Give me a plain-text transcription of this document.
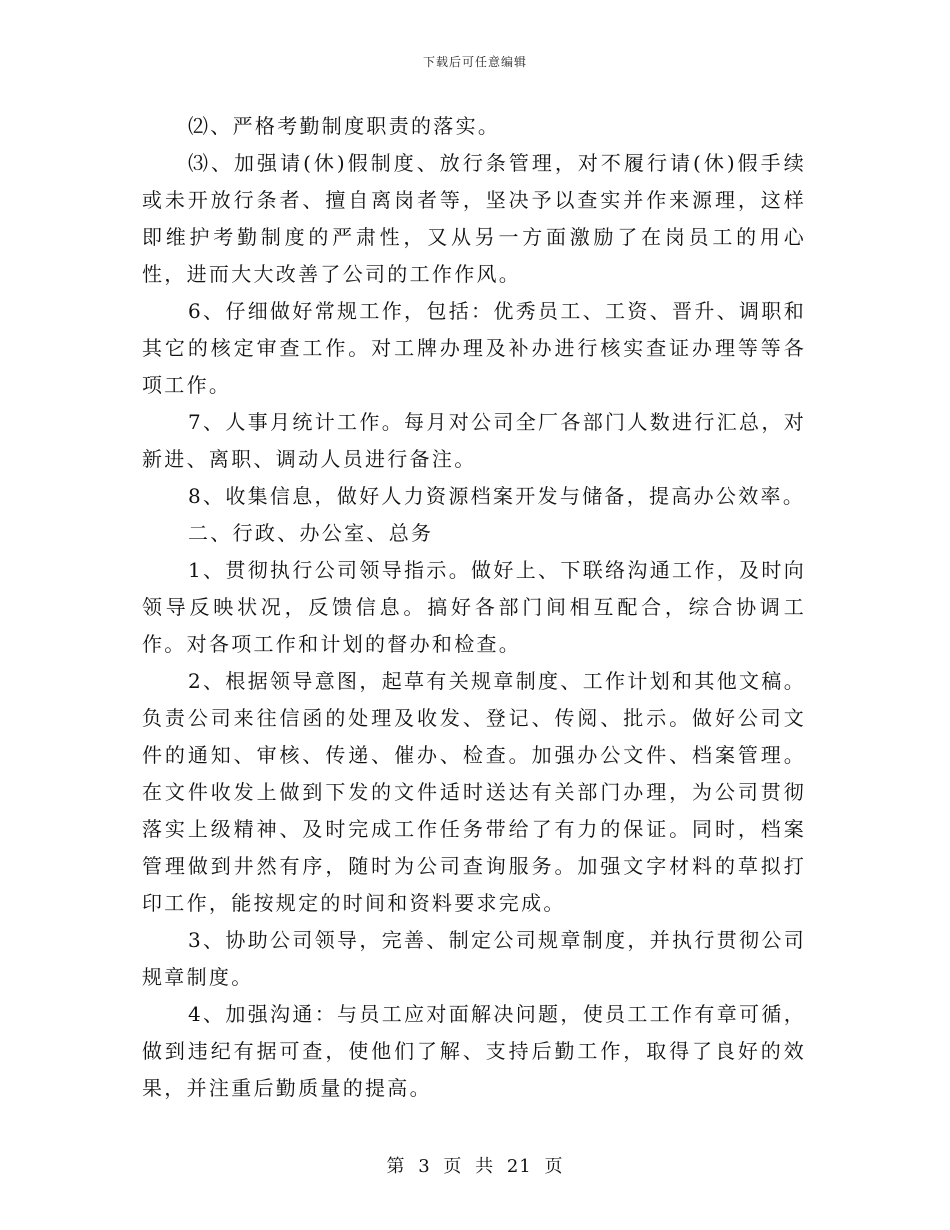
下载后可任意编辑

⑵、严格考勤制度职责的落实。

⑶、加强请(休)假制度、放行条管理，对不履行请(休)假手续或未开放行条者、擅自离岗者等，坚决予以查实并作来源理，这样即维护考勤制度的严肃性，又从另一方面激励了在岗员工的用心性，进而大大改善了公司的工作作风。

6、仔细做好常规工作，包括：优秀员工、工资、晋升、调职和其它的核定审查工作。对工牌办理及补办进行核实查证办理等等各项工作。

7、人事月统计工作。每月对公司全厂各部门人数进行汇总，对新进、离职、调动人员进行备注。

8、收集信息，做好人力资源档案开发与储备，提高办公效率。

二、行政、办公室、总务

1、贯彻执行公司领导指示。做好上、下联络沟通工作，及时向领导反映状况，反馈信息。搞好各部门间相互配合，综合协调工作。对各项工作和计划的督办和检查。

2、根据领导意图，起草有关规章制度、工作计划和其他文稿。负责公司来往信函的处理及收发、登记、传阅、批示。做好公司文件的通知、审核、传递、催办、检查。加强办公文件、档案管理。在文件收发上做到下发的文件适时送达有关部门办理，为公司贯彻落实上级精神、及时完成工作任务带给了有力的保证。同时，档案管理做到井然有序，随时为公司查询服务。加强文字材料的草拟打印工作，能按规定的时间和资料要求完成。

3、协助公司领导，完善、制定公司规章制度，并执行贯彻公司规章制度。

4、加强沟通：与员工应对面解决问题，使员工工作有章可循，做到违纪有据可查，使他们了解、支持后勤工作，取得了良好的效果，并注重后勤质量的提高。

第 3 页 共 21 页
